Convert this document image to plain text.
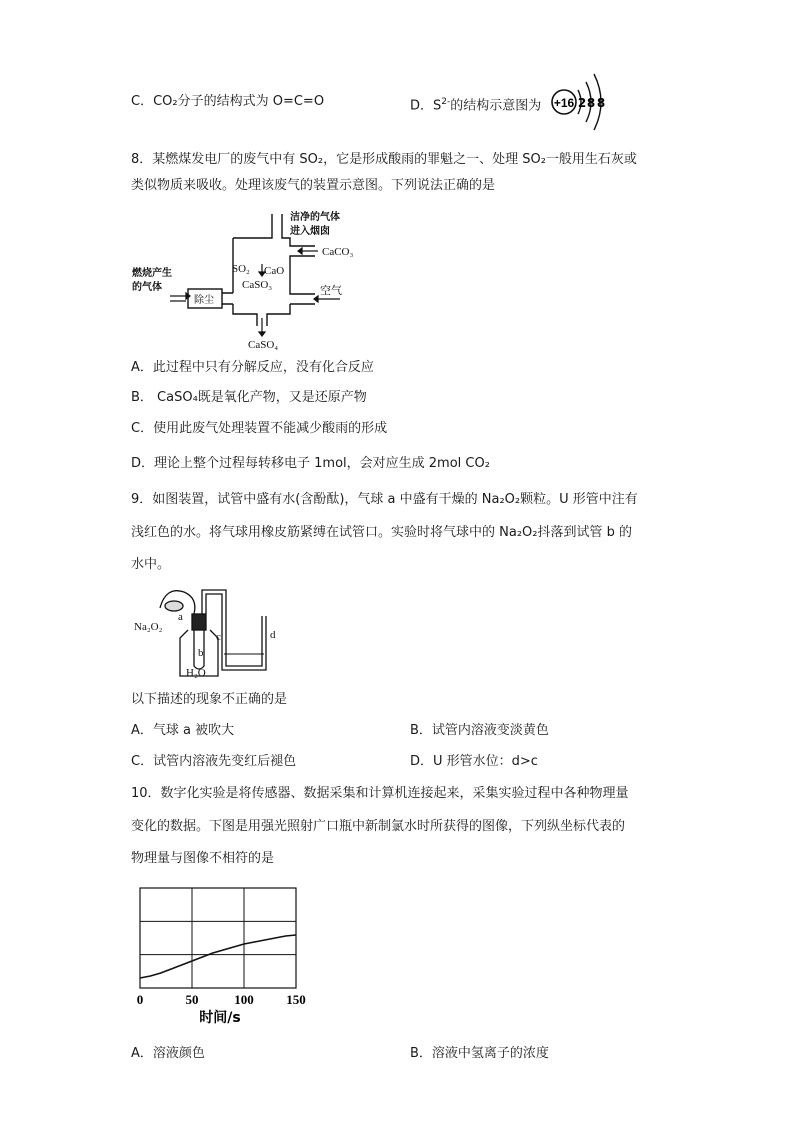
C．CO₂分子的结构式为 O=C=O	D．$S^{2-}$的结构示意图为 +16 2 8 8
8．某燃煤发电厂的废气中有 SO₂，它是形成酸雨的罪魁之一、处理 SO₂一般用生石灰或
类似物质来吸收。处理该废气的装置示意图。下列说法正确的是
洁净的气体
进入烟囱
CaCO₃
SO₂ CaO
CaSO₃
燃烧产生
的气体
除尘
空气
CaSO₄
A．此过程中只有分解反应，没有化合反应
B． CaSO₄既是氧化产物，又是还原产物
C．使用此废气处理装置不能减少酸雨的形成
D．理论上整个过程每转移电子 1mol，会对应生成 2mol CO₂
9．如图装置，试管中盛有水(含酚酞)，气球 a 中盛有干燥的 Na₂O₂颗粒。U 形管中注有
浅红色的水。将气球用橡皮筋紧缚在试管口。实验时将气球中的 Na₂O₂抖落到试管 b 的
水中。
Na₂O₂
a
b
c	d
H₂O
以下描述的现象不正确的是
A．气球 a 被吹大	B．试管内溶液变淡黄色
C．试管内溶液先变红后褪色	D．U 形管水位：d>c
10．数字化实验是将传感器、数据采集和计算机连接起来，采集实验过程中各种物理量
变化的数据。下图是用强光照射广口瓶中新制氯水时所获得的图像，下列纵坐标代表的
物理量与图像不相符的是
0	50	100	150
时间/s
A．溶液颜色	B．溶液中氢离子的浓度
